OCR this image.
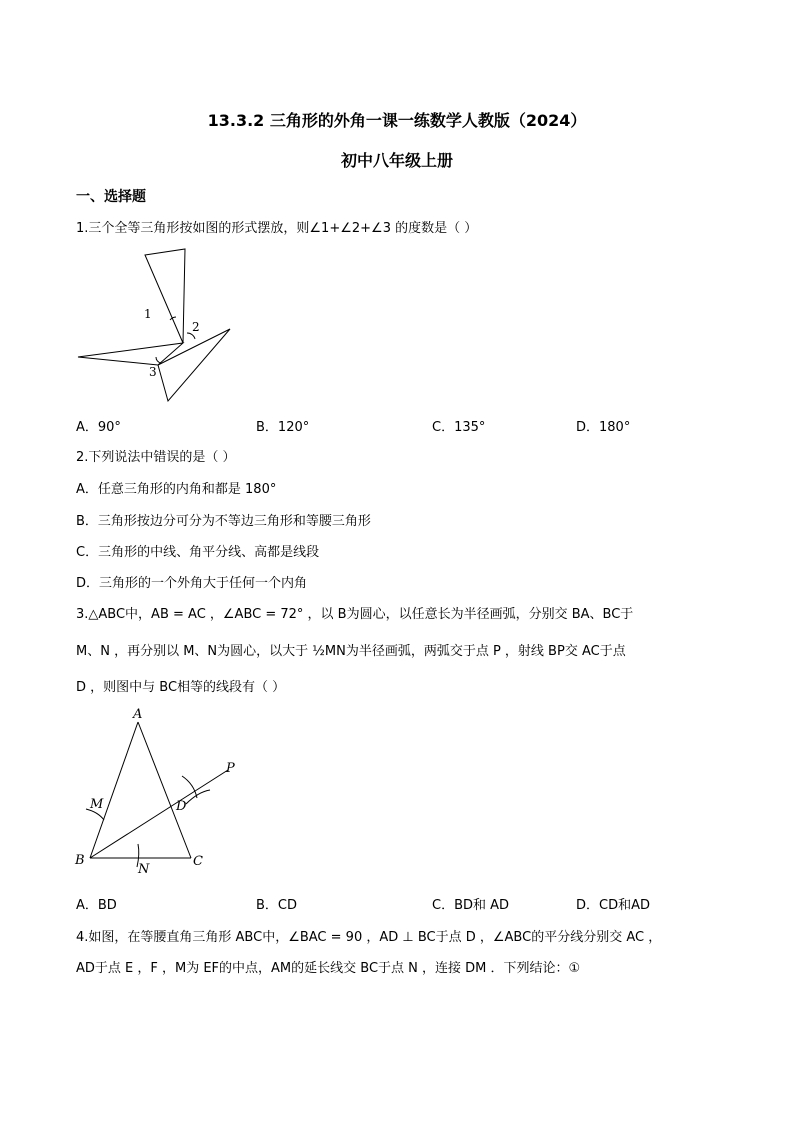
13.3.2 三角形的外角一课一练数学人教版（2024）
初中八年级上册
一、选择题
1.三个全等三角形按如图的形式摆放，则∠1+∠2+∠3 的度数是（ ）
1
2
3
A．90°	B．120°	C．135°	D．180°
2.下列说法中错误的是（ ）
A．任意三角形的内角和都是 180°
B．三角形按边分可分为不等边三角形和等腰三角形
C．三角形的中线、角平分线、高都是线段
D．三角形的一个外角大于任何一个内角
3.△ABC中，AB = AC ，∠ABC = 72° ，以 B为圆心，以任意长为半径画弧，分别交 BA、BC于
M、N ，再分别以 M、N为圆心，以大于 ½MN为半径画弧，两弧交于点 P ，射线 BP交 AC于点
D ，则图中与 BC相等的线段有（ ）
A
B	C
D
M
N
P
A．BD	B．CD	C．BD和 AD	D．CD和AD
4.如图，在等腰直角三角形 ABC中，∠BAC = 90 ，AD ⊥ BC于点 D ，∠ABC的平分线分别交 AC ，
AD于点 E ，F ，M为 EF的中点，AM的延长线交 BC于点 N ，连接 DM ．下列结论：①
